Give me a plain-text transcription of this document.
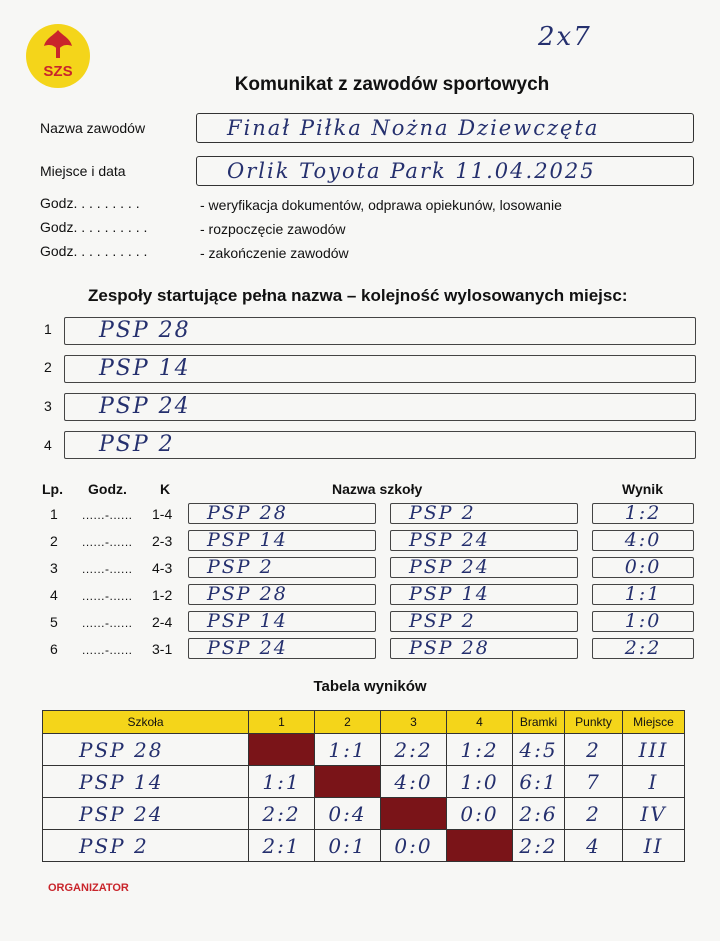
SZS
2x7
Komunikat z zawodów sportowych
Nazwa zawodów	Finał Piłka Nożna Dziewczęta
Miejsce i data	Orlik Toyota Park 11.04.2025
Godz. . . . . . . . .	- weryfikacja dokumentów, odprawa opiekunów, losowanie
Godz. . . . . . . . . .	- rozpoczęcie zawodów
Godz. . . . . . . . . .	- zakończenie zawodów
Zespoły startujące pełna nazwa – kolejność wylosowanych miejsc:
1	PSP 28
2	PSP 14
3	PSP 24
4	PSP 2
Lp. Godz. K	Nazwa szkoły	Wynik
1 ......-...... 1-4	PSP 28	PSP 2	1:2
2 ......-...... 2-3	PSP 14	PSP 24	4:0
3 ......-...... 4-3	PSP 2	PSP 24	0:0
4 ......-...... 1-2	PSP 28	PSP 14	1:1
5 ......-...... 2-4	PSP 14	PSP 2	1:0
6 ......-...... 3-1	PSP 24	PSP 28	2:2
Tabela wyników
Szkoła	1	2	3	4	Bramki	Punkty	Miejsce
PSP 28		1:1	2:2	1:2	4:5	2	III
PSP 14	1:1		4:0	1:0	6:1	7	I
PSP 24	2:2	0:4		0:0	2:6	2	IV
PSP 2	2:1	0:1	0:0		2:2	4	II
ORGANIZATOR
